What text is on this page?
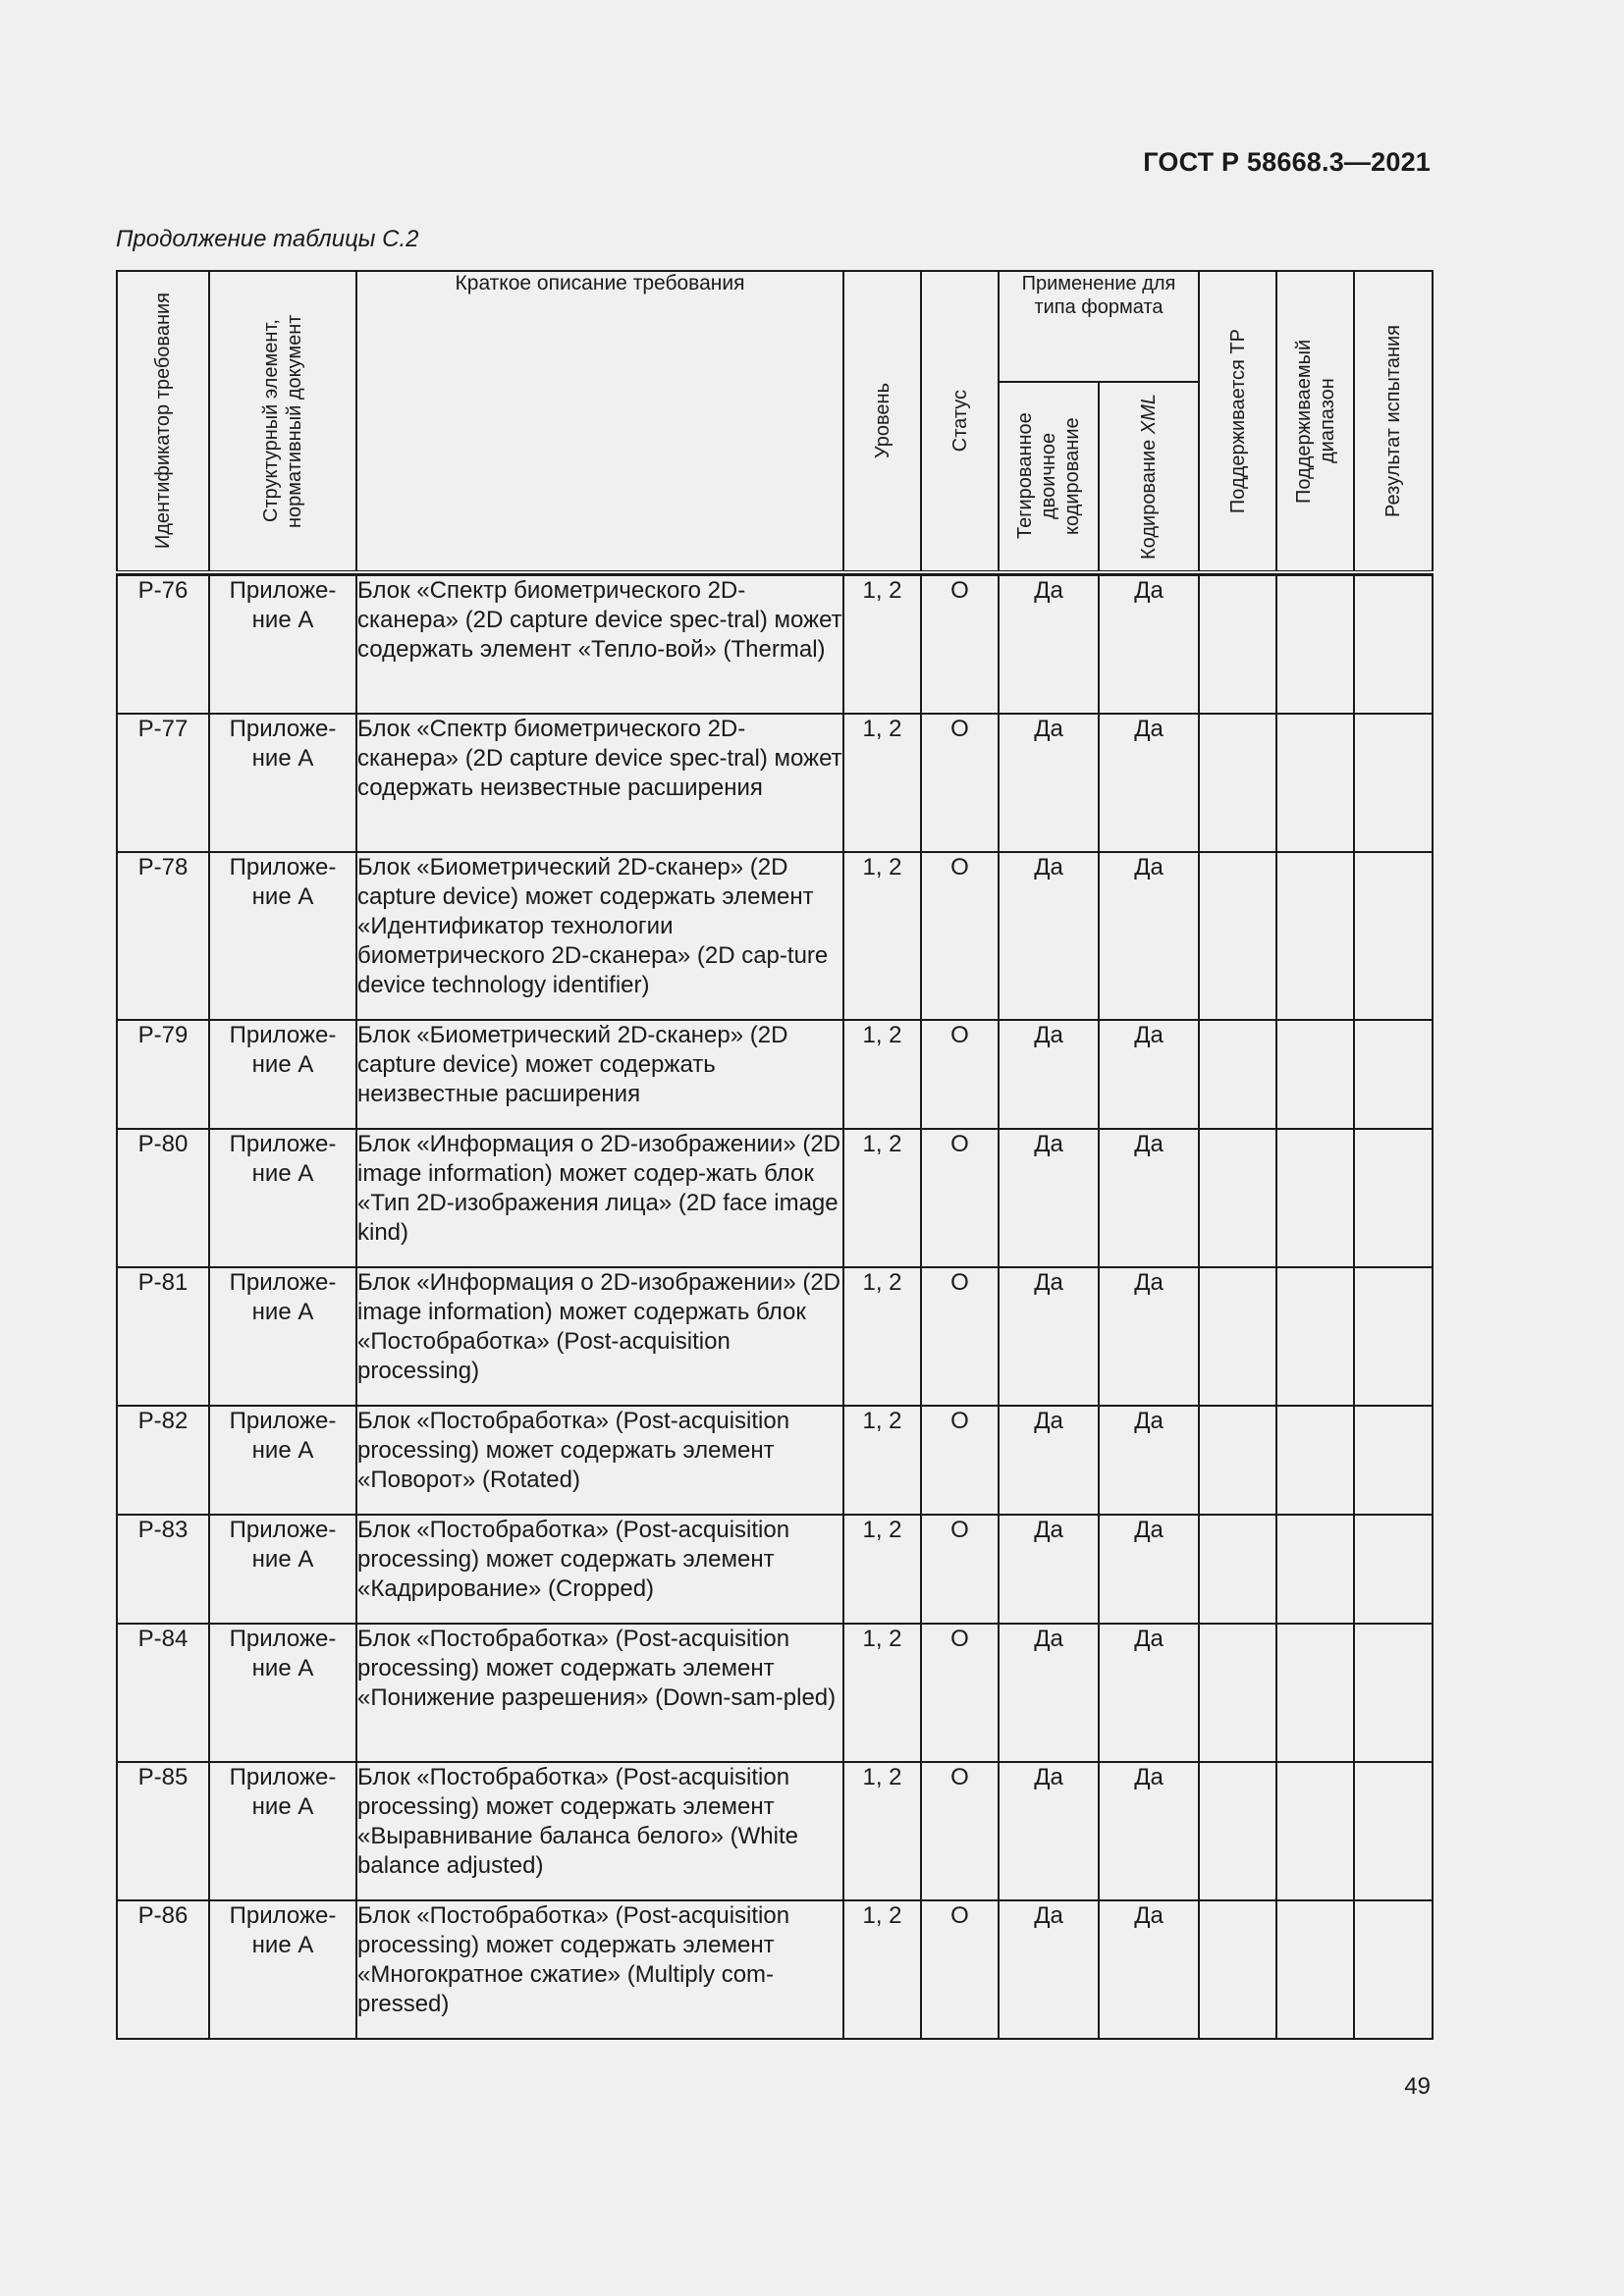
ГОСТ Р 58668.3—2021
Продолжение таблицы С.2
Идентификатор требования	Структурный элемент, нормативный документ	Краткое описание требования	Уровень	Статус	Применение для типа формата		Поддерживается ТР	Поддерживаемый диапазон	Результат испытания

					Тегированное двоичное кодирование	Кодирование XML			

Р-76	Приложе-ние А	Блок «Спектр биометрического 2D-сканера» (2D capture device spec-tral) может содержать элемент «Тепло-вой» (Thermal)	1, 2	О	Да	Да			
Р-77	Приложе-ние А	Блок «Спектр биометрического 2D-сканера» (2D capture device spec-tral) может содержать неизвестные расширения	1, 2	О	Да	Да			
Р-78	Приложе-ние А	Блок «Биометрический 2D-сканер» (2D capture device) может содержать элемент «Идентификатор технологии биометрического 2D-сканера» (2D cap-ture device technology identifier)	1, 2	О	Да	Да			
Р-79	Приложе-ние А	Блок «Биометрический 2D-сканер» (2D capture device) может содержать неизвестные расширения	1, 2	О	Да	Да			
Р-80	Приложе-ние А	Блок «Информация о 2D-изображении» (2D image information) может содер-жать блок «Тип 2D-изображения лица» (2D face image kind)	1, 2	О	Да	Да			
Р-81	Приложе-ние А	Блок «Информация о 2D-изображении» (2D image information) может содержать блок «Постобработка» (Post-acquisition processing)	1, 2	О	Да	Да			
Р-82	Приложе-ние А	Блок «Постобработка» (Post-acquisition processing) может содержать элемент «Поворот» (Rotated)	1, 2	О	Да	Да			
Р-83	Приложе-ние А	Блок «Постобработка» (Post-acquisition processing) может содержать элемент «Кадрирование» (Cropped)	1, 2	О	Да	Да			
Р-84	Приложе-ние А	Блок «Постобработка» (Post-acquisition processing) может содержать элемент «Понижение разрешения» (Down-sam-pled)	1, 2	О	Да	Да			
Р-85	Приложе-ние А	Блок «Постобработка» (Post-acquisition processing) может содержать элемент «Выравнивание баланса белого» (White balance adjusted)	1, 2	О	Да	Да			
Р-86	Приложе-ние А	Блок «Постобработка» (Post-acquisition processing) может содержать элемент «Многократное сжатие» (Multiply com-pressed)	1, 2	О	Да	Да			
49
